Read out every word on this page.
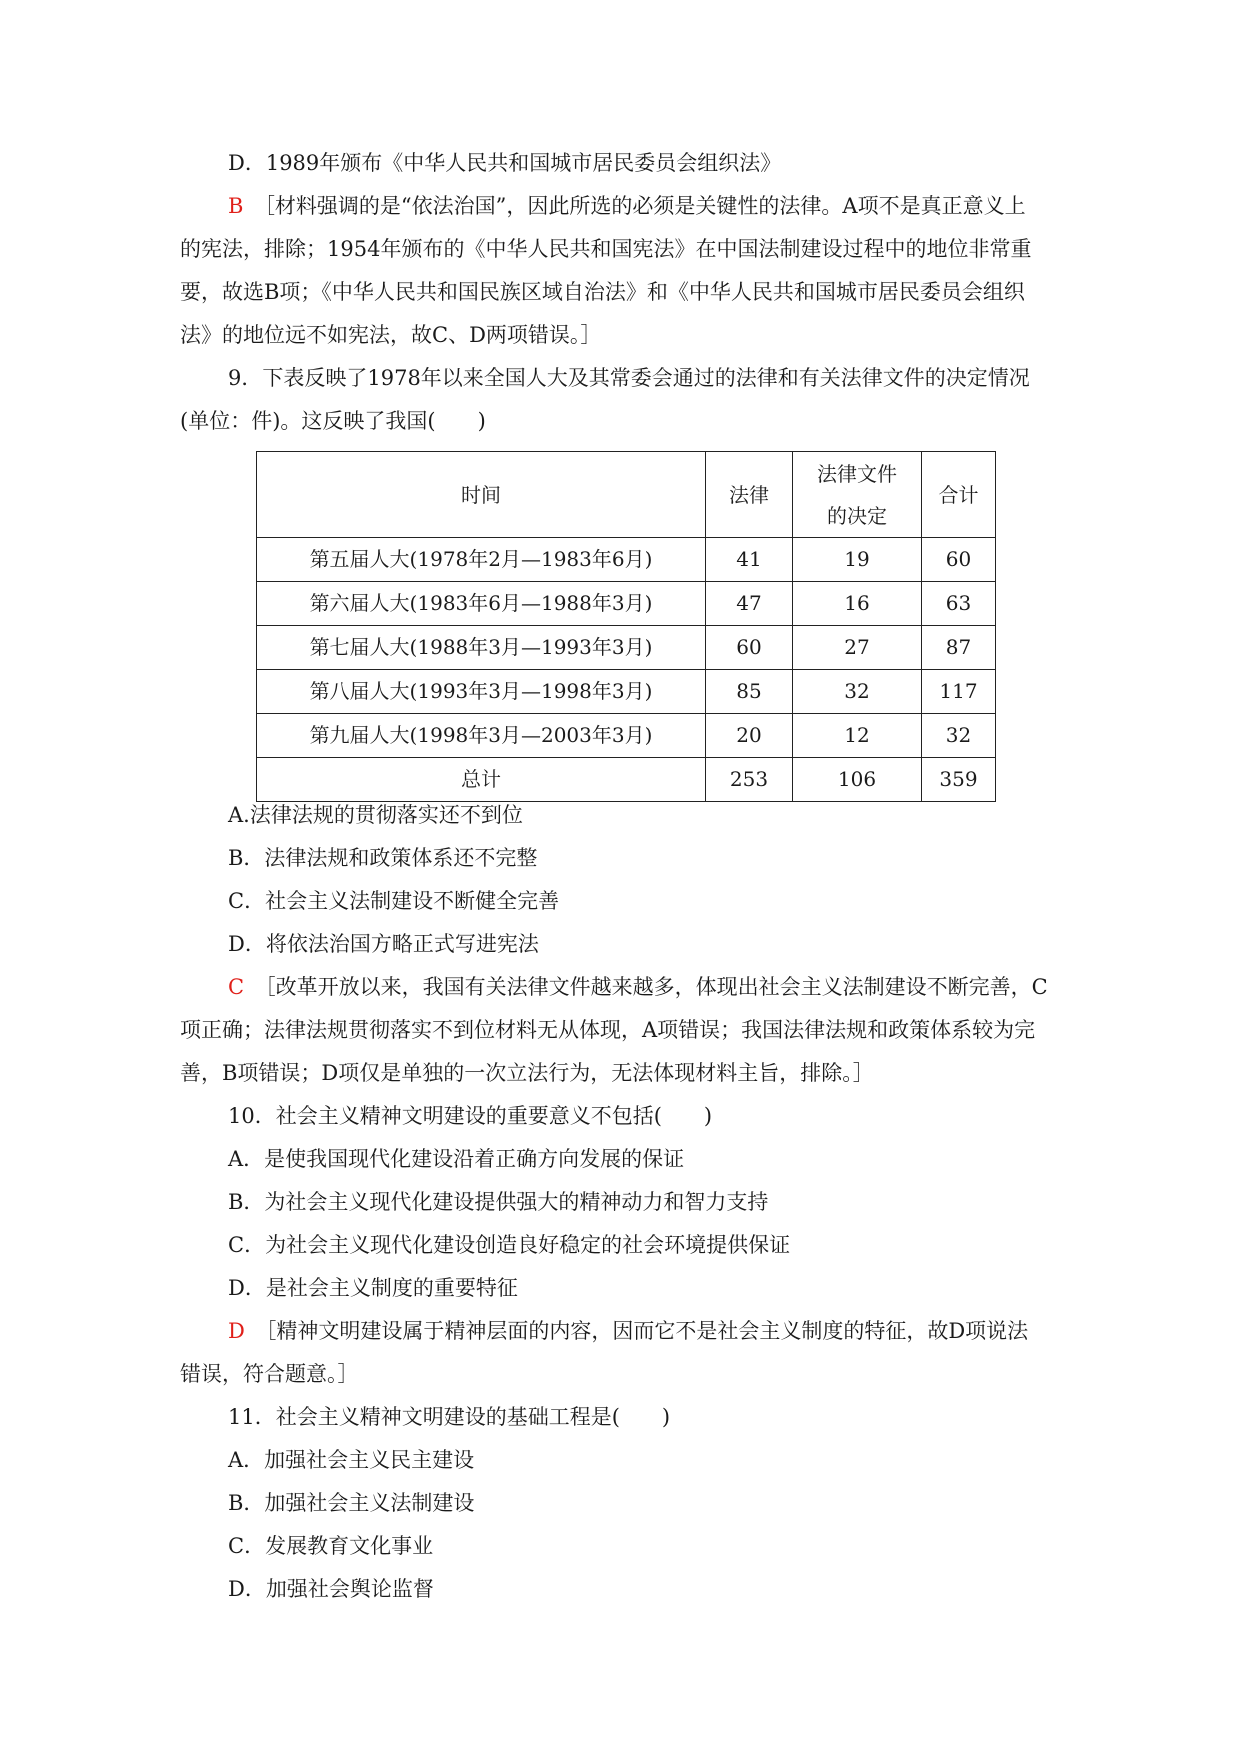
D．1989年颁布《中华人民共和国城市居民委员会组织法》
B　 ［材料强调的是“依法治国”，因此所选的必须是关键性的法律。A项不是真正意义上
的宪法，排除；1954年颁布的《中华人民共和国宪法》在中国法制建设过程中的地位非常重
要，故选B项；《中华人民共和国民族区域自治法》和《中华人民共和国城市居民委员会组织
法》的地位远不如宪法，故C、D两项错误。］
9．下表反映了1978年以来全国人大及其常委会通过的法律和有关法律文件的决定情况
(单位：件)。这反映了我国(　　)
时间	法律	法律文件
的决定	合计
第五届人大(1978年2月—1983年6月)	41	19	60
第六届人大(1983年6月—1988年3月)	47	16	63
第七届人大(1988年3月—1993年3月)	60	27	87
第八届人大(1993年3月—1998年3月)	85	32	117
第九届人大(1998年3月—2003年3月)	20	12	32
总计	253	106	359
A.法律法规的贯彻落实还不到位
B．法律法规和政策体系还不完整
C．社会主义法制建设不断健全完善
D．将依法治国方略正式写进宪法
C　 ［改革开放以来，我国有关法律文件越来越多，体现出社会主义法制建设不断完善，C
项正确；法律法规贯彻落实不到位材料无从体现，A项错误；我国法律法规和政策体系较为完
善，B项错误；D项仅是单独的一次立法行为，无法体现材料主旨，排除。］
10．社会主义精神文明建设的重要意义不包括(　　)
A．是使我国现代化建设沿着正确方向发展的保证
B．为社会主义现代化建设提供强大的精神动力和智力支持
C．为社会主义现代化建设创造良好稳定的社会环境提供保证
D．是社会主义制度的重要特征
D　 ［精神文明建设属于精神层面的内容，因而它不是社会主义制度的特征，故D项说法
错误，符合题意。］
11．社会主义精神文明建设的基础工程是(　　)
A．加强社会主义民主建设
B．加强社会主义法制建设
C．发展教育文化事业
D．加强社会舆论监督
